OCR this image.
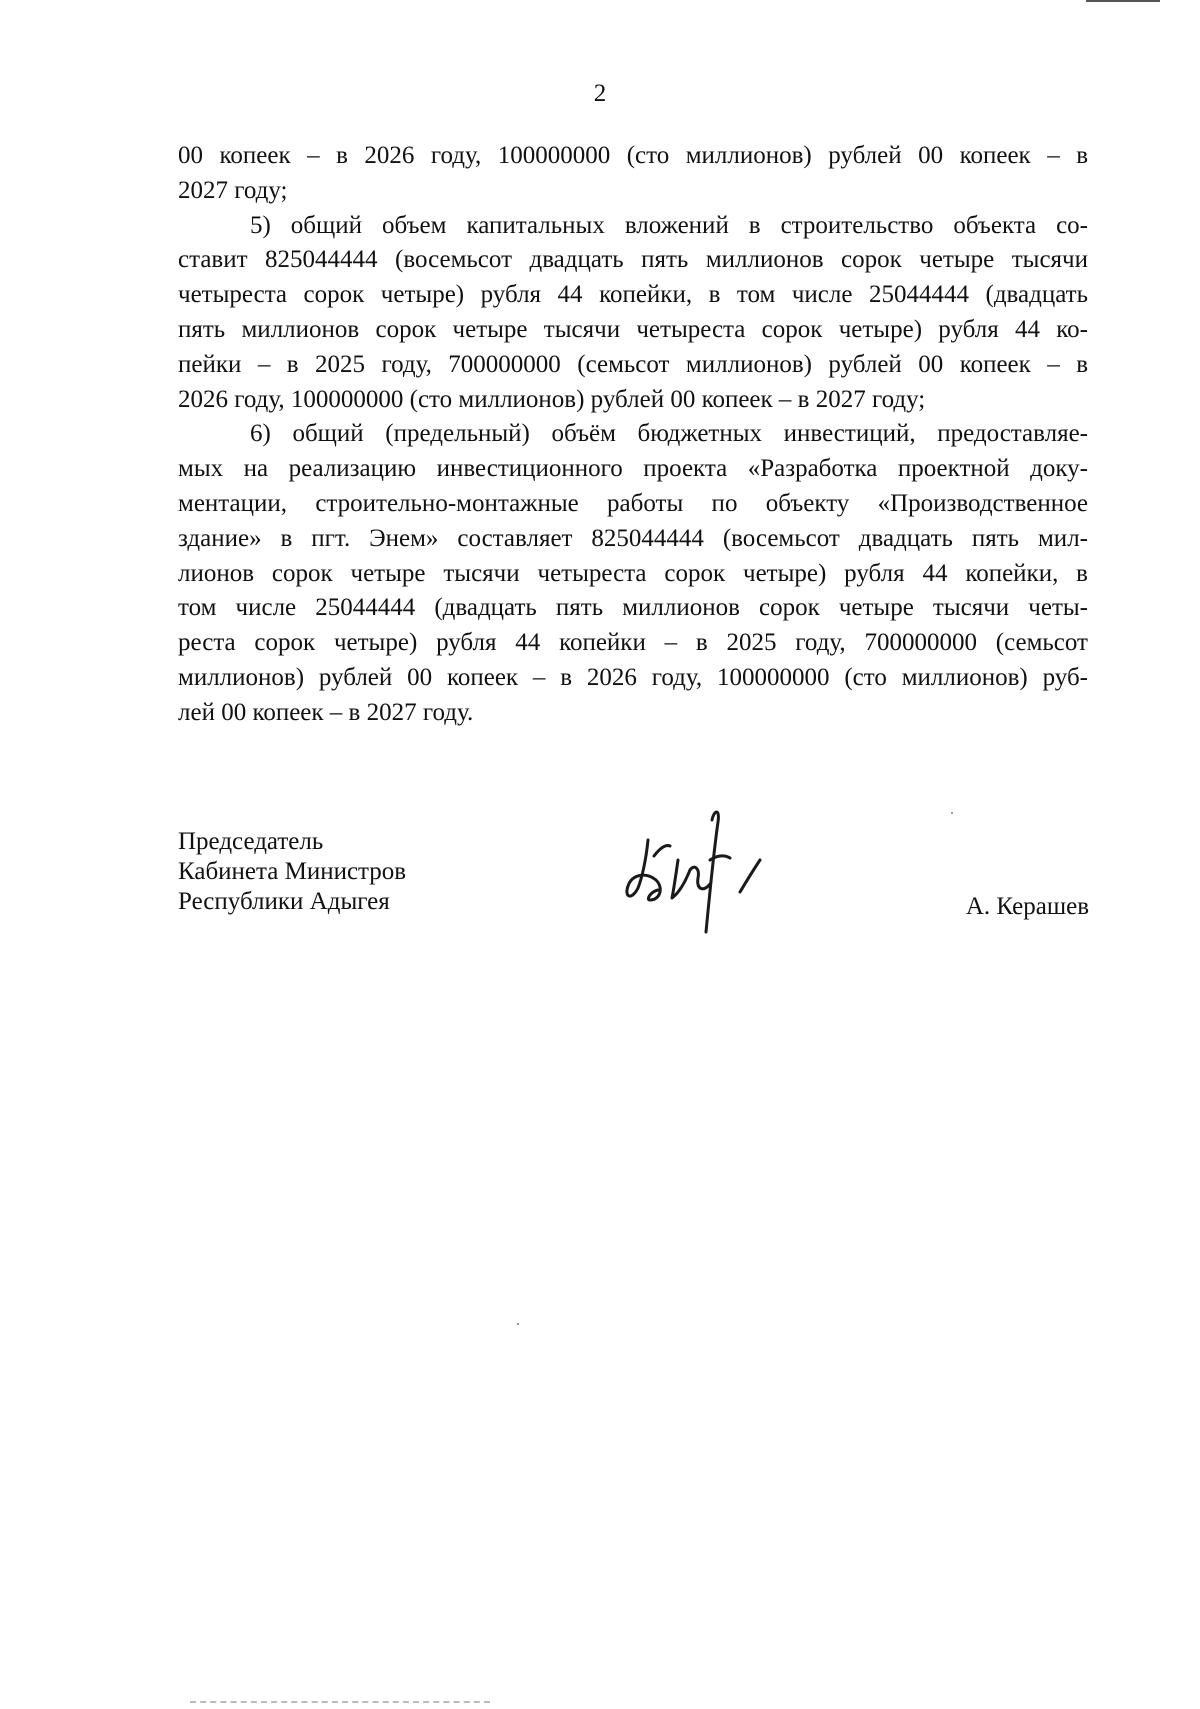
2
00 копеек – в 2026 году, 100000000 (сто миллионов) рублей 00 копеек – в
2027 году;
5) общий объем капитальных вложений в строительство объекта со-
ставит 825044444 (восемьсот двадцать пять миллионов сорок четыре тысячи
четыреста сорок четыре) рубля 44 копейки, в том числе 25044444 (двадцать
пять миллионов сорок четыре тысячи четыреста сорок четыре) рубля 44 ко-
пейки – в 2025 году, 700000000 (семьсот миллионов) рублей 00 копеек – в
2026 году, 100000000 (сто миллионов) рублей 00 копеек – в 2027 году;
6) общий (предельный) объём бюджетных инвестиций, предоставляе-
мых на реализацию инвестиционного проекта «Разработка проектной доку-
ментации, строительно-монтажные работы по объекту «Производственное
здание» в пгт. Энем» составляет 825044444 (восемьсот двадцать пять мил-
лионов сорок четыре тысячи четыреста сорок четыре) рубля 44 копейки, в
том числе 25044444 (двадцать пять миллионов сорок четыре тысячи четы-
реста сорок четыре) рубля 44 копейки – в 2025 году, 700000000 (семьсот
миллионов) рублей 00 копеек – в 2026 году, 100000000 (сто миллионов) руб-
лей 00 копеек – в 2027 году.
Председатель
Кабинета Министров
Республики Адыгея	А. Керашев
